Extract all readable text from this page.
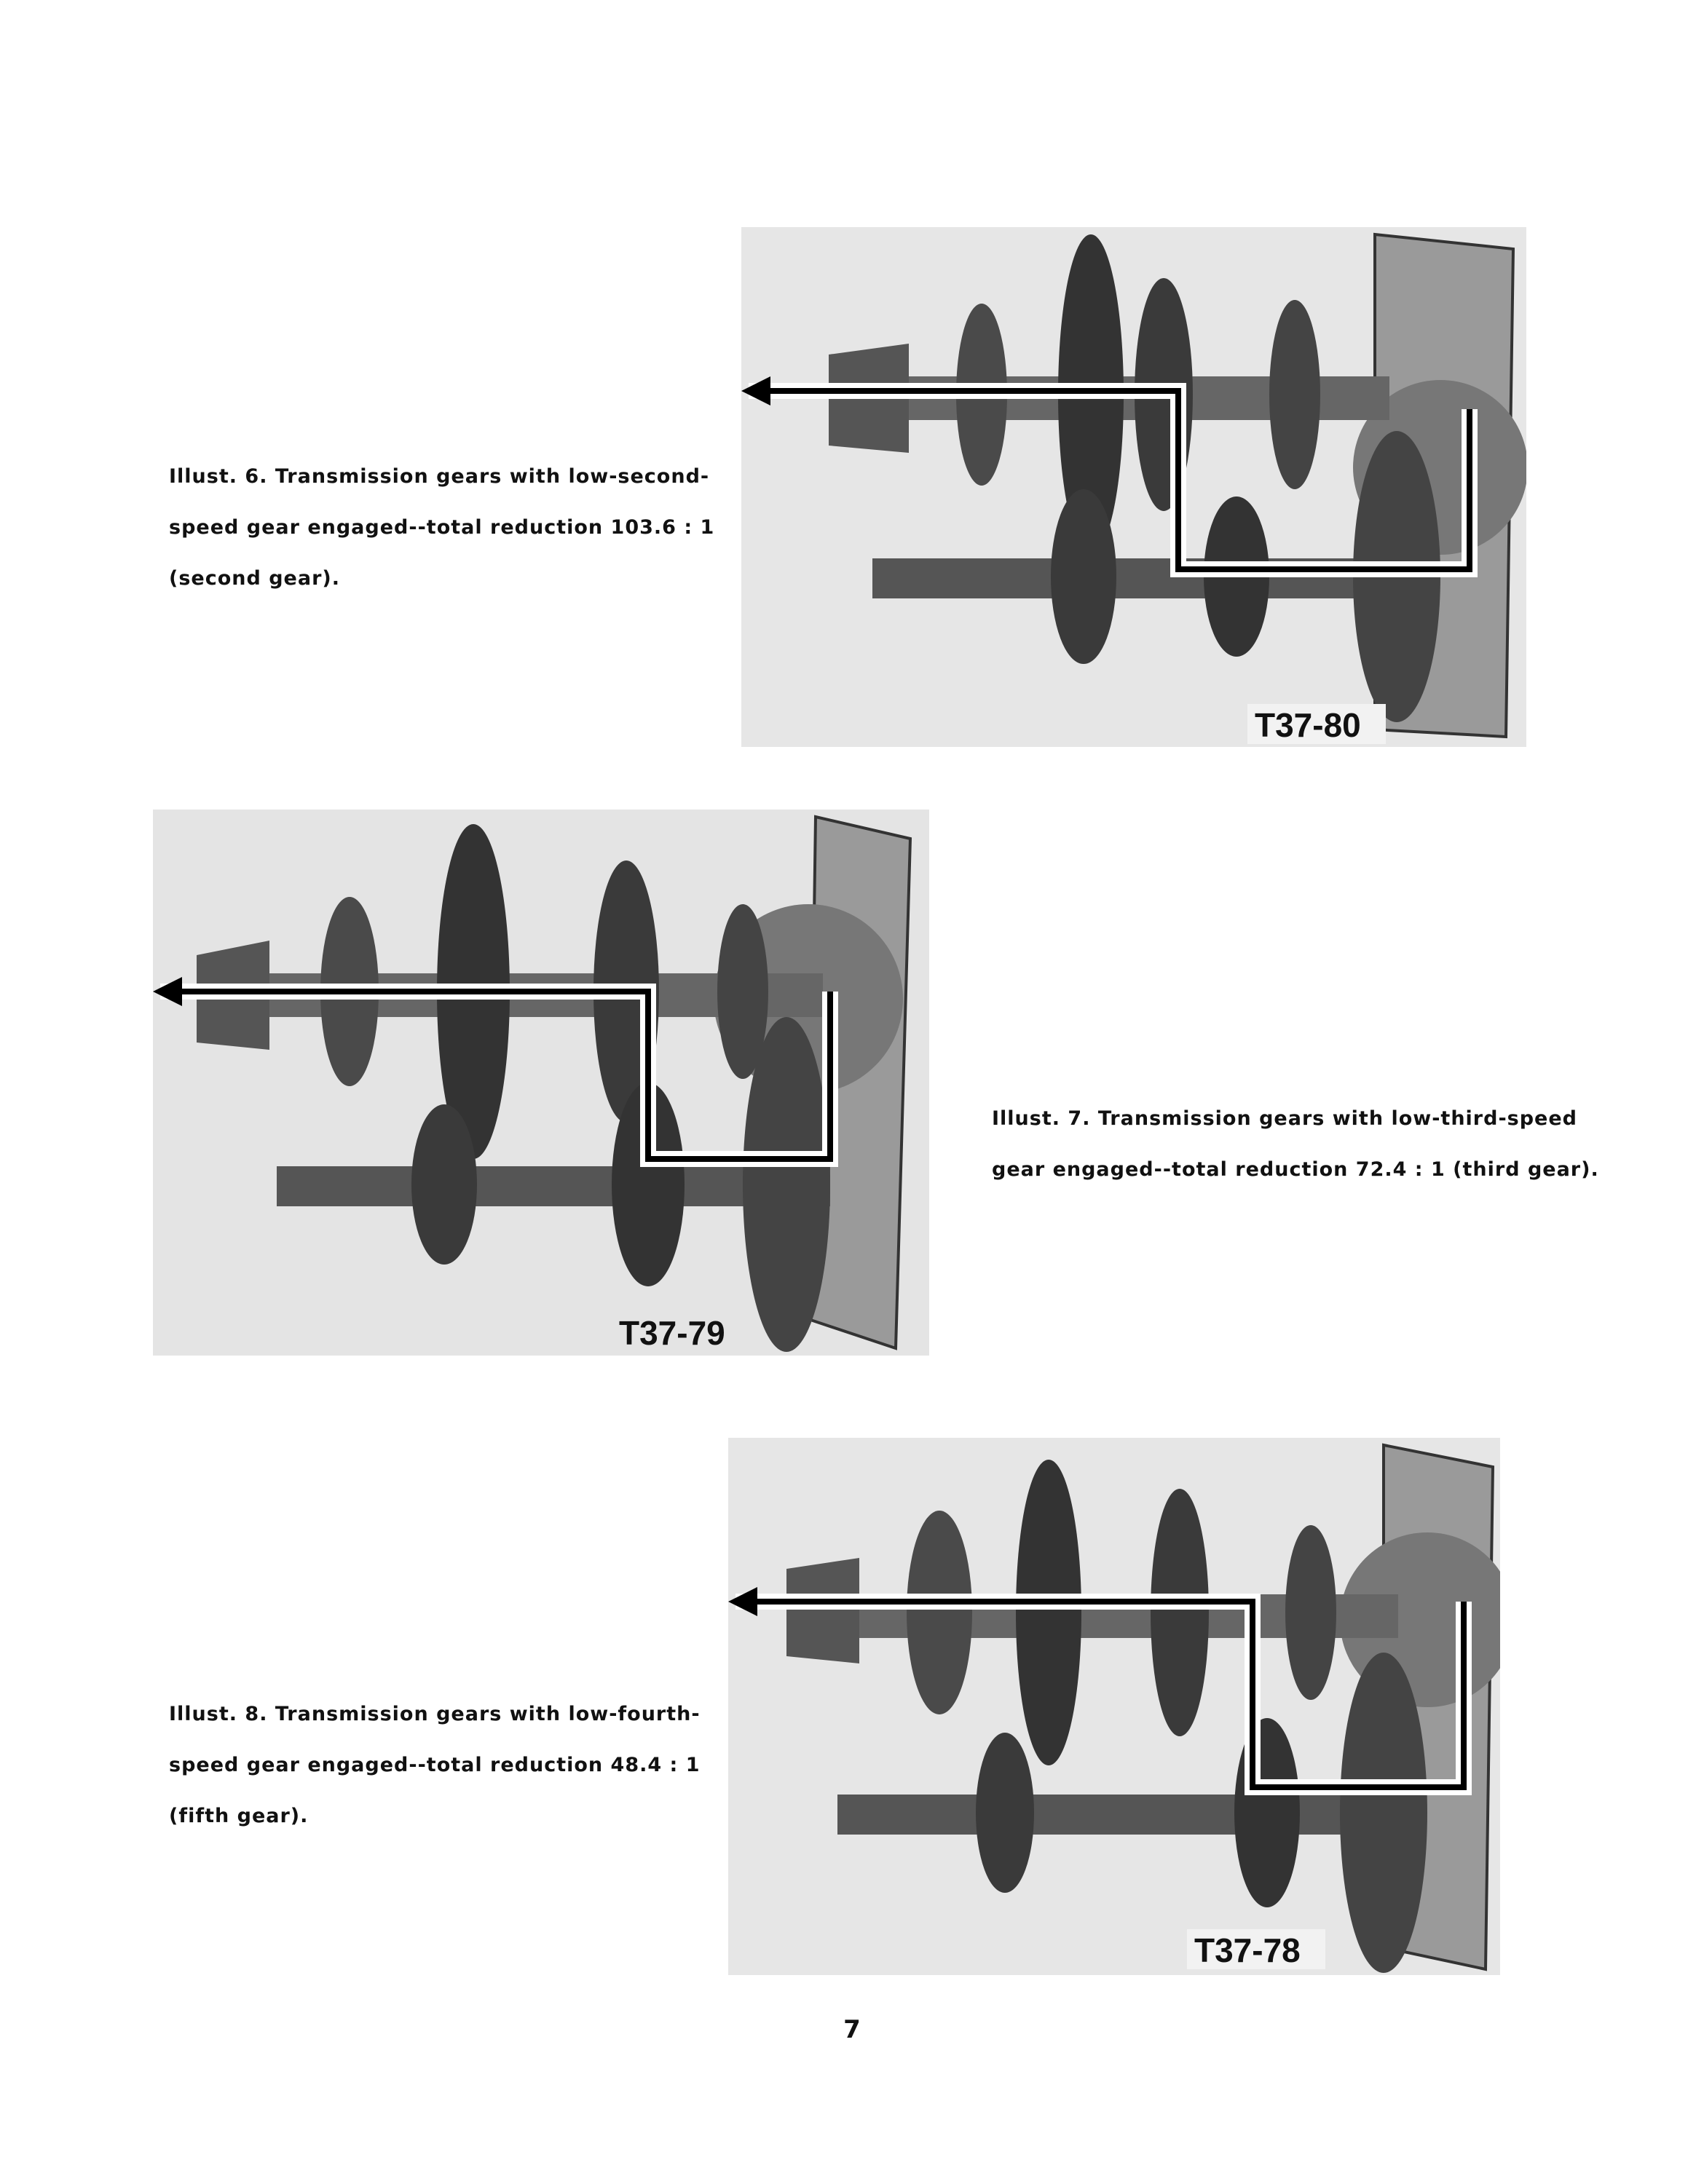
Illust. 6. Transmission gears with low-second-
speed gear engaged--total reduction 103.6 : 1
(second gear).
T37-80
T37-79
Illust. 7. Transmission gears with low-third-speed
gear engaged--total reduction 72.4 : 1 (third gear).
Illust. 8. Transmission gears with low-fourth-
speed gear engaged--total reduction 48.4 : 1
(fifth gear).
T37-78
7
